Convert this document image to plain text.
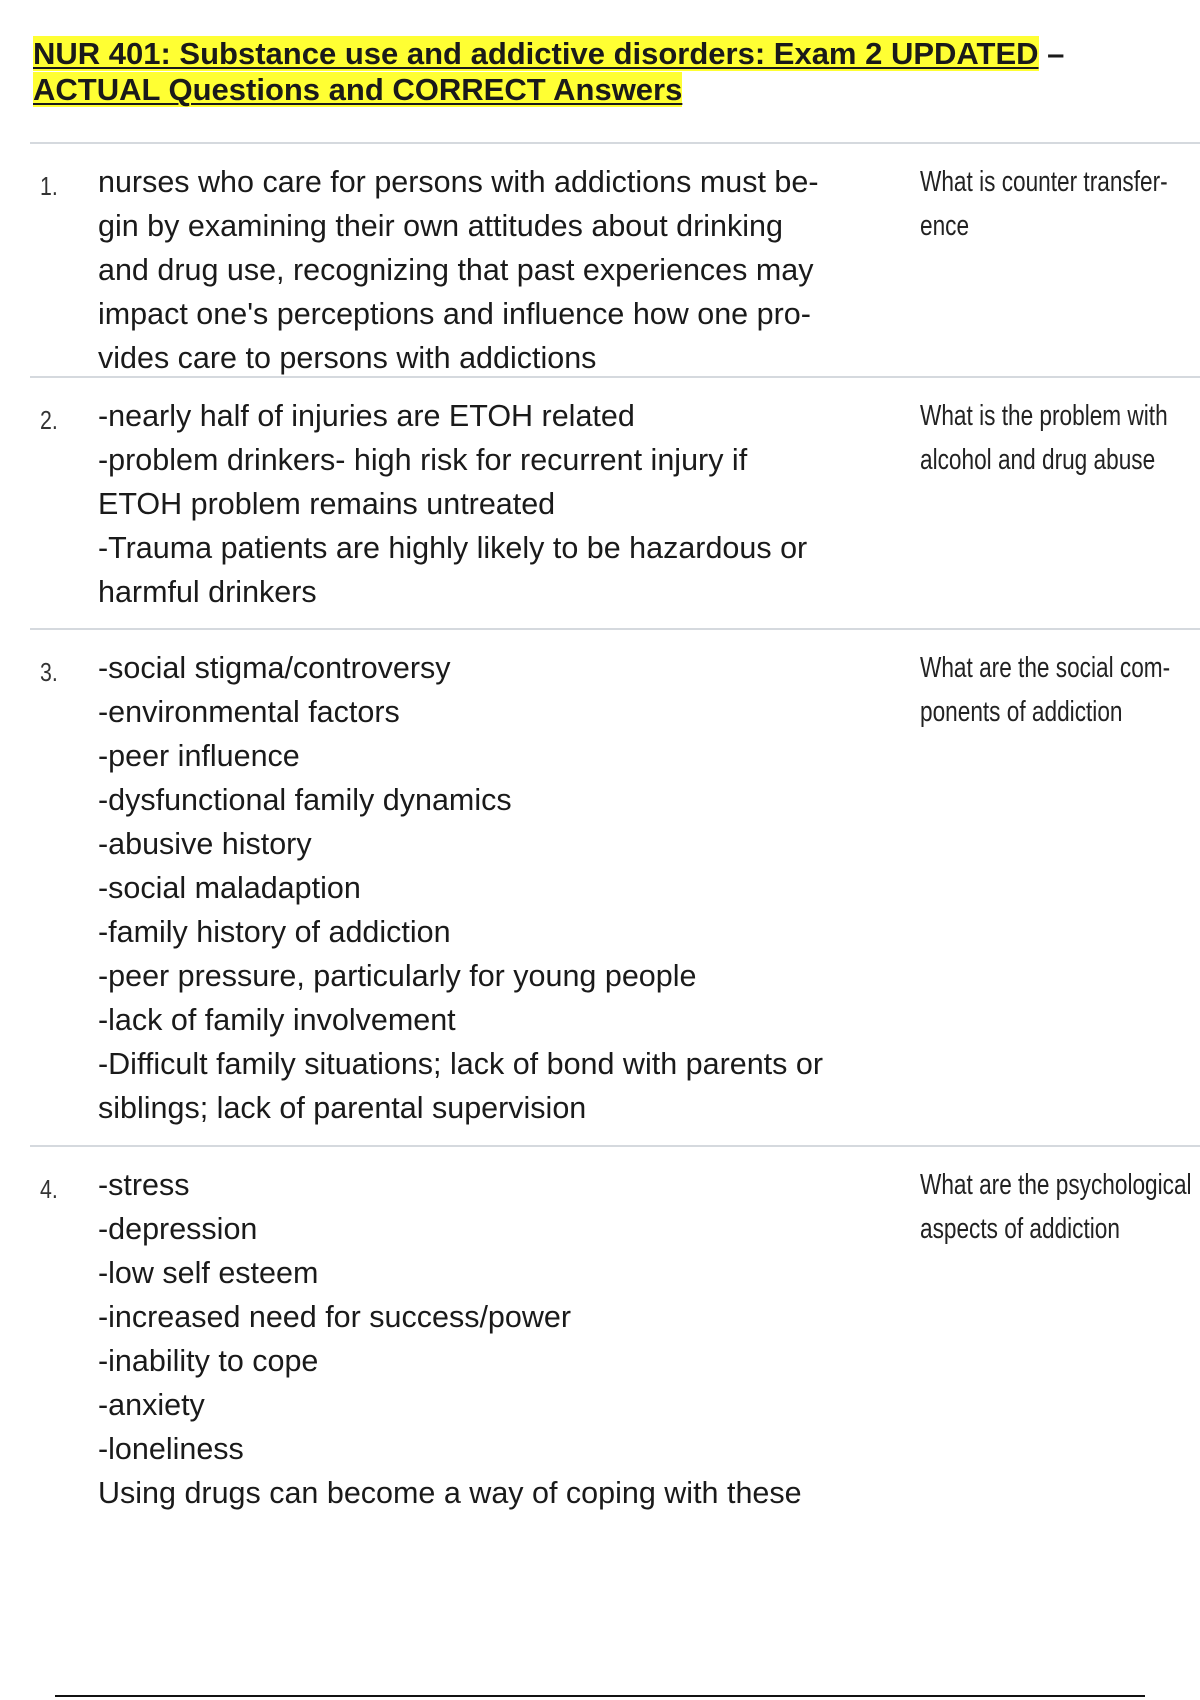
NUR 401: Substance use and addictive disorders: Exam 2 UPDATED –
ACTUAL Questions and CORRECT Answers
1. nurses who care for persons with addictions must be-
gin by examining their own attitudes about drinking
and drug use, recognizing that past experiences may
impact one's perceptions and influence how one pro-
vides care to persons with addictions
What is counter transfer-
ence
2. -nearly half of injuries are ETOH related
-problem drinkers- high risk for recurrent injury if
ETOH problem remains untreated
-Trauma patients are highly likely to be hazardous or
harmful drinkers
What is the problem with
alcohol and drug abuse
3. -social stigma/controversy
-environmental factors
-peer influence
-dysfunctional family dynamics
-abusive history
-social maladaption
-family history of addiction
-peer pressure, particularly for young people
-lack of family involvement
-Difficult family situations; lack of bond with parents or
siblings; lack of parental supervision
What are the social com-
ponents of addiction
4. -stress
-depression
-low self esteem
-increased need for success/power
-inability to cope
-anxiety
-loneliness
Using drugs can become a way of coping with these
What are the psychological
aspects of addiction
